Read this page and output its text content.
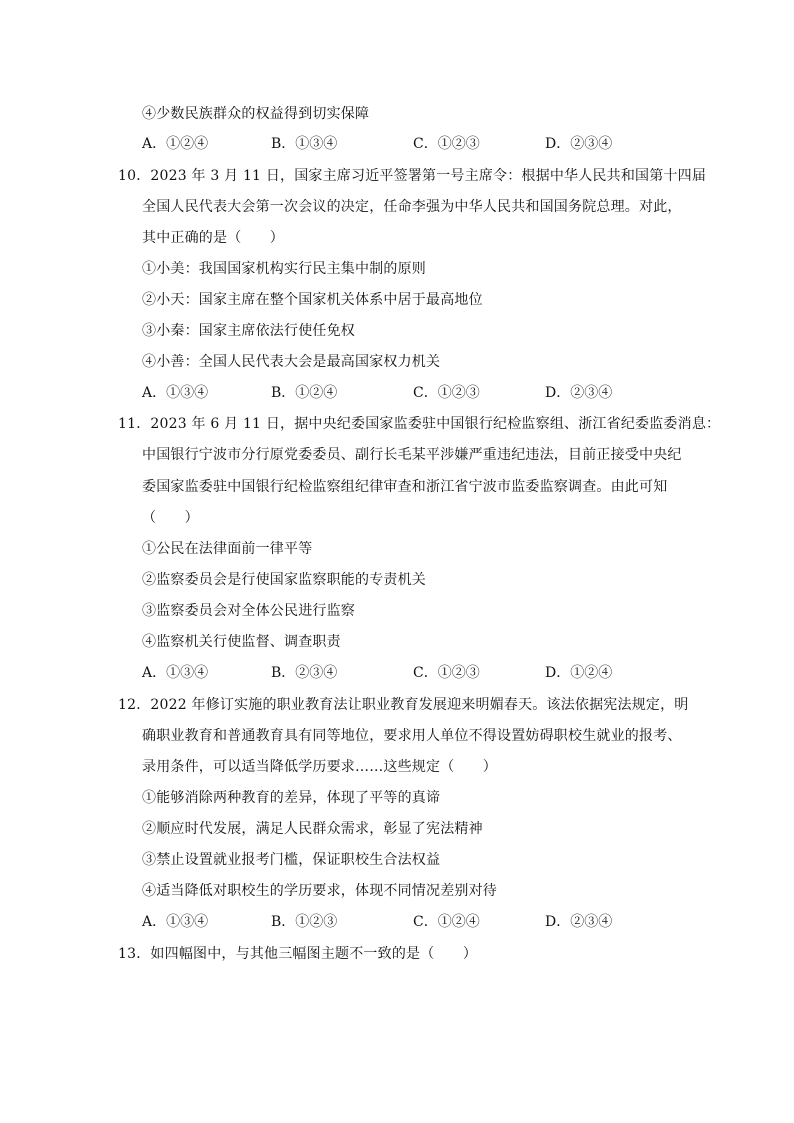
④少数民族群众的权益得到切实保障
A．①②④	B．①③④	C．①②③	D．②③④
10．2023 年 3 月 11 日，国家主席习近平签署第一号主席令：根据中华人民共和国第十四届
全国人民代表大会第一次会议的决定，任命李强为中华人民共和国国务院总理。对此，
其中正确的是（　　）
①小美：我国国家机构实行民主集中制的原则
②小天：国家主席在整个国家机关体系中居于最高地位
③小秦：国家主席依法行使任免权
④小善：全国人民代表大会是最高国家权力机关
A．①③④	B．①②④	C．①②③	D．②③④
11．2023 年 6 月 11 日，据中央纪委国家监委驻中国银行纪检监察组、浙江省纪委监委消息：
中国银行宁波市分行原党委委员、副行长毛某平涉嫌严重违纪违法，目前正接受中央纪
委国家监委驻中国银行纪检监察组纪律审查和浙江省宁波市监委监察调查。由此可知
（　　）
①公民在法律面前一律平等
②监察委员会是行使国家监察职能的专责机关
③监察委员会对全体公民进行监察
④监察机关行使监督、调查职责
A．①③④	B．②③④	C．①②③	D．①②④
12．2022 年修订实施的职业教育法让职业教育发展迎来明媚春天。该法依据宪法规定，明
确职业教育和普通教育具有同等地位，要求用人单位不得设置妨碍职校生就业的报考、
录用条件，可以适当降低学历要求……这些规定（　　）
①能够消除两种教育的差异，体现了平等的真谛
②顺应时代发展，满足人民群众需求，彰显了宪法精神
③禁止设置就业报考门槛，保证职校生合法权益
④适当降低对职校生的学历要求，体现不同情况差别对待
A．①③④	B．①②③	C．①②④	D．②③④
13．如四幅图中，与其他三幅图主题不一致的是（　　）
